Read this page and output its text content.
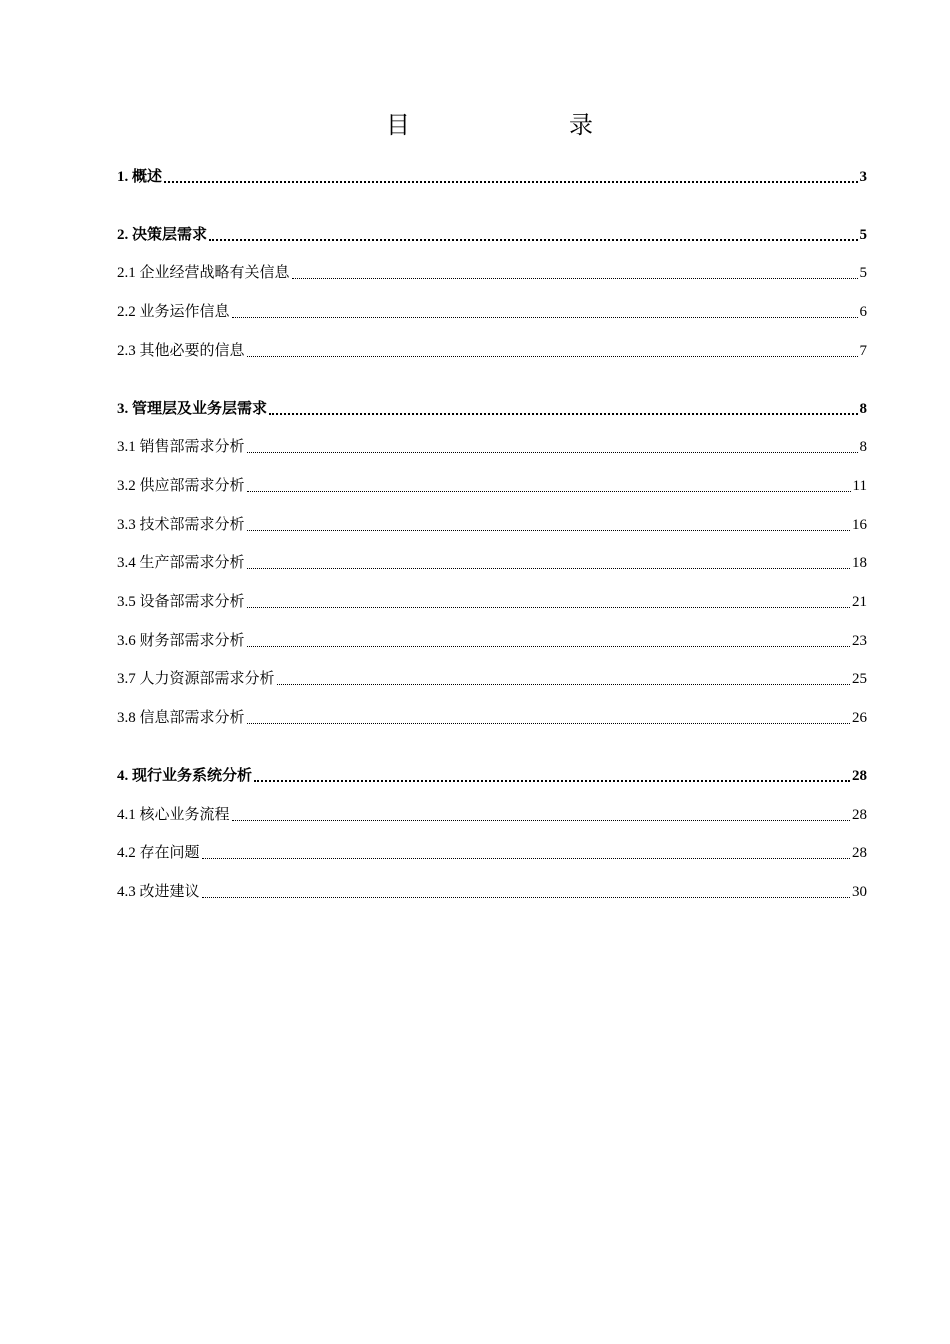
目	录
1. 概述	3
2. 决策层需求	5
2.1 企业经营战略有关信息	5
2.2 业务运作信息	6
2.3 其他必要的信息	7
3. 管理层及业务层需求	8
3.1 销售部需求分析	8
3.2 供应部需求分析	11
3.3 技术部需求分析	16
3.4 生产部需求分析	18
3.5 设备部需求分析	21
3.6 财务部需求分析	23
3.7 人力资源部需求分析	25
3.8 信息部需求分析	26
4. 现行业务系统分析	28
4.1 核心业务流程	28
4.2 存在问题	28
4.3 改进建议	30
